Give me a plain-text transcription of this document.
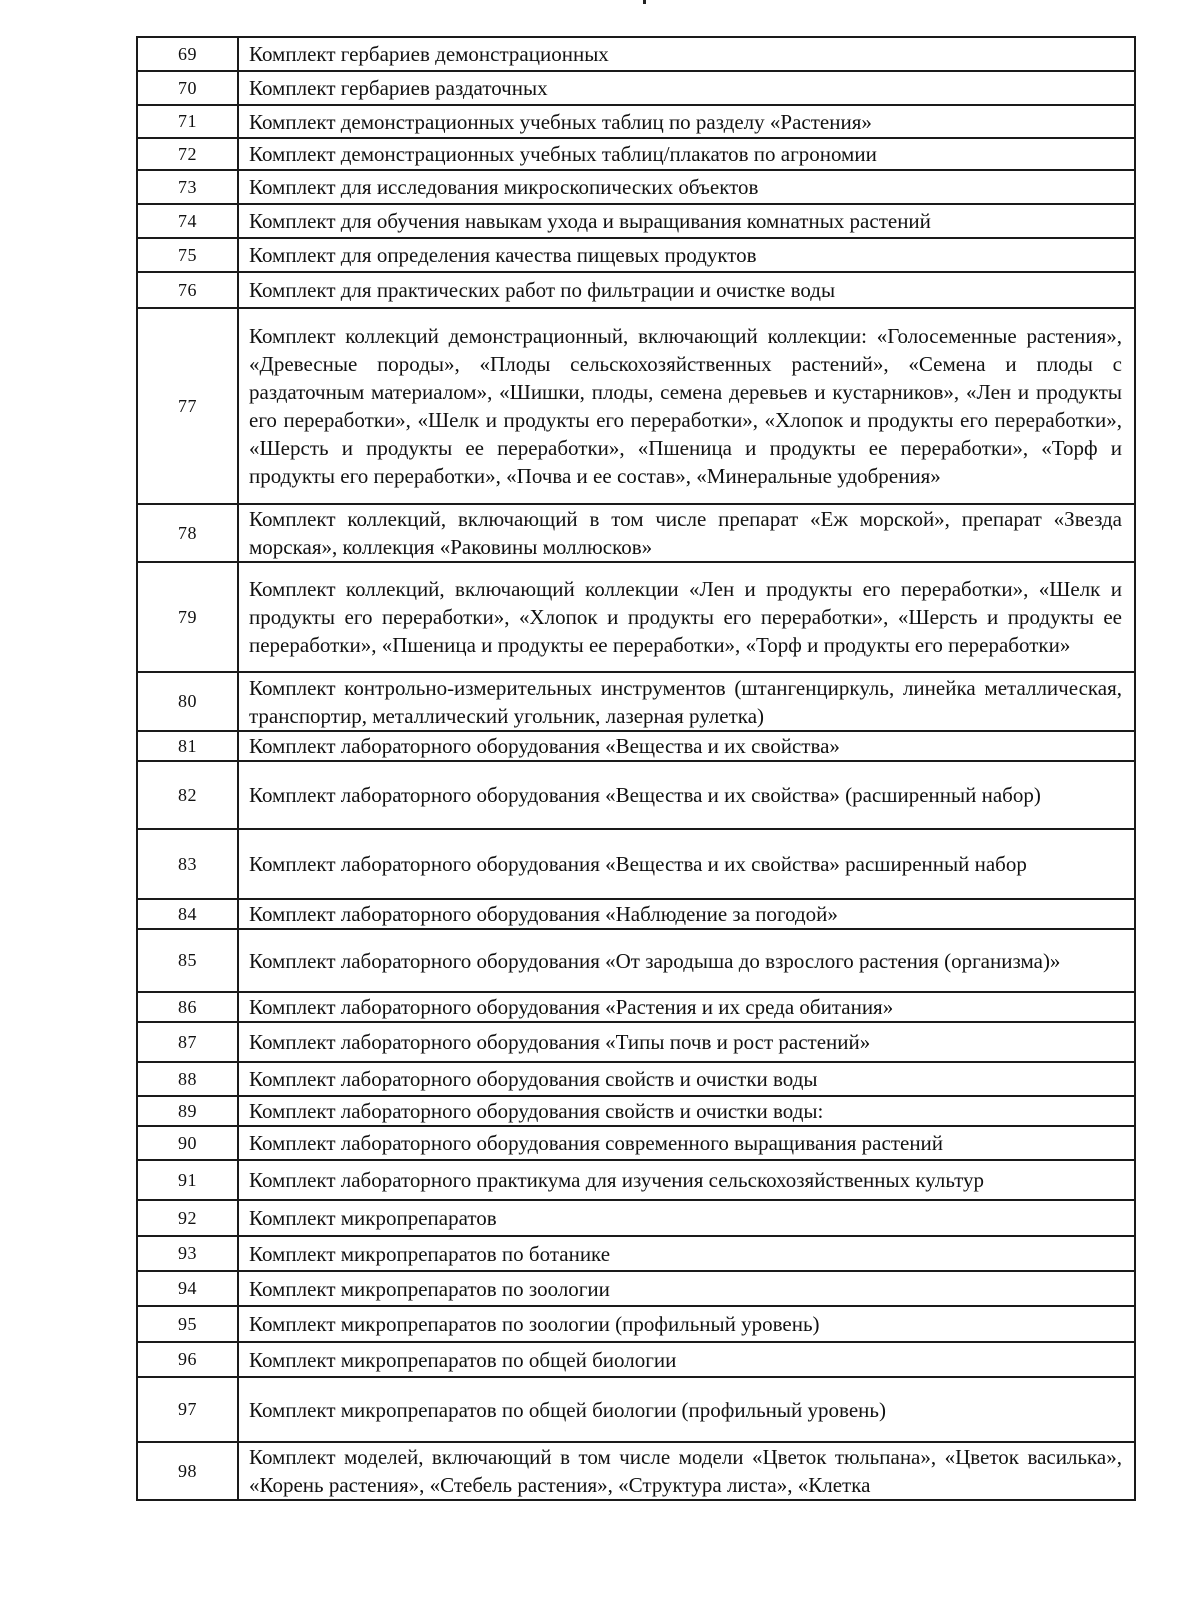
69	Комплект гербариев демонстрационных
70	Комплект гербариев раздаточных
71	Комплект демонстрационных учебных таблиц по разделу «Растения»
72	Комплект демонстрационных учебных таблиц/плакатов по агрономии
73	Комплект для исследования микроскопических объектов
74	Комплект для обучения навыкам ухода и выращивания комнатных растений
75	Комплект для определения качества пищевых продуктов
76	Комплект для практических работ по фильтрации и очистке воды
77	Комплект коллекций демонстрационный, включающий коллекции: «Голосеменные растения», «Древесные породы», «Плоды сельскохозяйственных растений», «Семена и плоды с раздаточным материалом», «Шишки, плоды, семена деревьев и кустарников», «Лен и продукты его переработки», «Шелк и продукты его переработки», «Хлопок и продукты его переработки», «Шерсть и продукты ее переработки», «Пшеница и продукты ее переработки», «Торф и продукты его переработки», «Почва и ее состав», «Минеральные удобрения»
78	Комплект коллекций, включающий в том числе препарат «Еж морской», препарат «Звезда морская», коллекция «Раковины моллюсков»
79	Комплект коллекций, включающий коллекции «Лен и продукты его переработки», «Шелк и продукты его переработки», «Хлопок и продукты его переработки», «Шерсть и продукты ее переработки», «Пшеница и продукты ее переработки», «Торф и продукты его переработки»
80	Комплект контрольно-измерительных инструментов (штангенциркуль, линейка металлическая, транспортир, металлический угольник, лазерная рулетка)
81	Комплект лабораторного оборудования «Вещества и их свойства»
82	Комплект лабораторного оборудования «Вещества и их свойства» (расширенный набор)
83	Комплект лабораторного оборудования «Вещества и их свойства» расширенный набор
84	Комплект лабораторного оборудования «Наблюдение за погодой»
85	Комплект лабораторного оборудования «От зародыша до взрослого растения (организма)»
86	Комплект лабораторного оборудования «Растения и их среда обитания»
87	Комплект лабораторного оборудования «Типы почв и рост растений»
88	Комплект лабораторного оборудования свойств и очистки воды
89	Комплект лабораторного оборудования свойств и очистки воды:
90	Комплект лабораторного оборудования современного выращивания растений
91	Комплект лабораторного практикума для изучения сельскохозяйственных культур
92	Комплект микропрепаратов
93	Комплект микропрепаратов по ботанике
94	Комплект микропрепаратов по зоологии
95	Комплект микропрепаратов по зоологии (профильный уровень)
96	Комплект микропрепаратов по общей биологии
97	Комплект микропрепаратов по общей биологии (профильный уровень)
98	Комплект моделей, включающий в том числе модели «Цветок тюльпана», «Цветок василька», «Корень растения», «Стебель растения», «Структура листа», «Клетка
